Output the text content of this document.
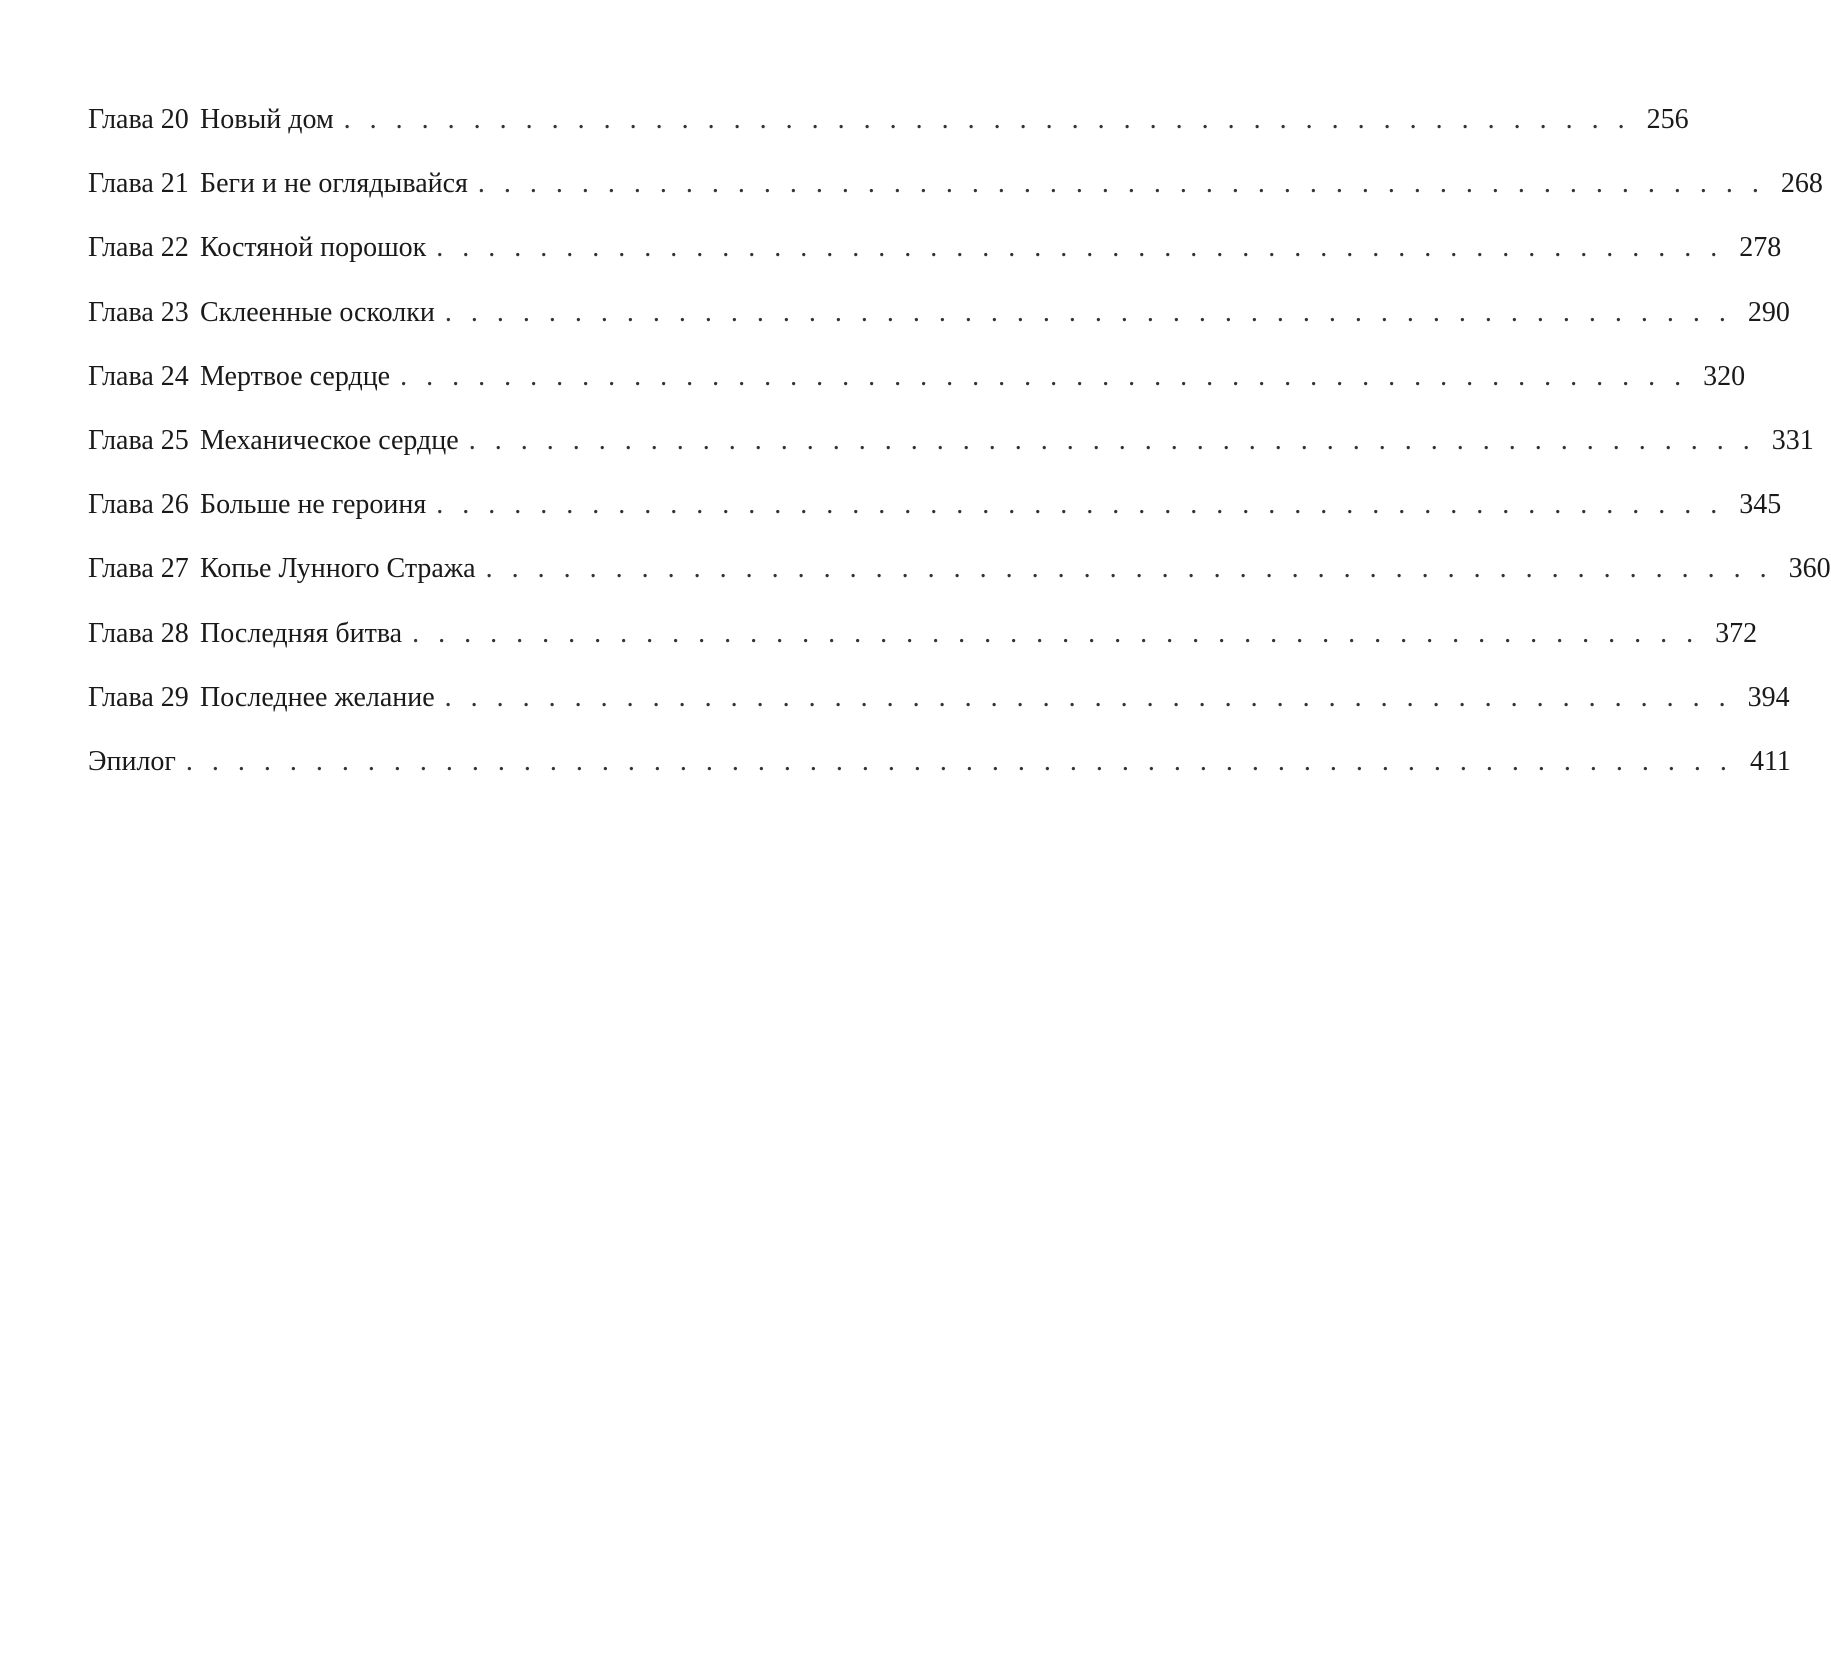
Глава 20 Новый дом . . . . . . . . . . . . . . . . . . . . . . . . . . . . . . . . . . . . . . . . . . . . . . . . . . 256
Глава 21 Беги и не оглядывайся . . . . . . . . . . . . . . . . . . . . . . . . . . . . . . . . . . . . . . . . . . . . . . . . . . 268
Глава 22 Костяной порошок . . . . . . . . . . . . . . . . . . . . . . . . . . . . . . . . . . . . . . . . . . . . . . . . . . 278
Глава 23 Склеенные осколки . . . . . . . . . . . . . . . . . . . . . . . . . . . . . . . . . . . . . . . . . . . . . . . . . . 290
Глава 24 Мертвое сердце . . . . . . . . . . . . . . . . . . . . . . . . . . . . . . . . . . . . . . . . . . . . . . . . . . 320
Глава 25 Механическое сердце . . . . . . . . . . . . . . . . . . . . . . . . . . . . . . . . . . . . . . . . . . . . . . . . . . 331
Глава 26 Больше не героиня . . . . . . . . . . . . . . . . . . . . . . . . . . . . . . . . . . . . . . . . . . . . . . . . . . 345
Глава 27 Копье Лунного Стража . . . . . . . . . . . . . . . . . . . . . . . . . . . . . . . . . . . . . . . . . . . . . . . . . . 360
Глава 28 Последняя битва . . . . . . . . . . . . . . . . . . . . . . . . . . . . . . . . . . . . . . . . . . . . . . . . . . 372
Глава 29 Последнее желание . . . . . . . . . . . . . . . . . . . . . . . . . . . . . . . . . . . . . . . . . . . . . . . . . . 394
Эпилог . . . . . . . . . . . . . . . . . . . . . . . . . . . . . . . . . . . . . . . . . . . . . . . . . . . . . . . . . . . . 411
